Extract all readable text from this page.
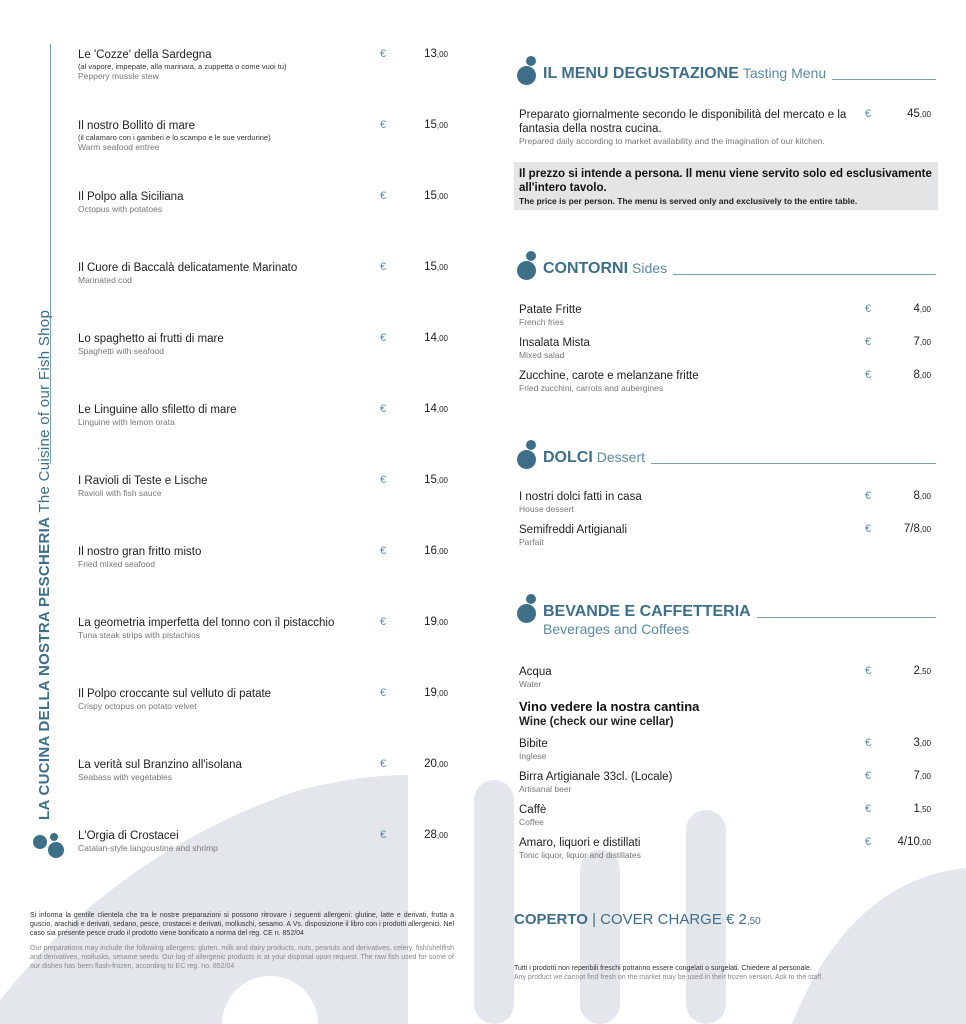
LA CUCINA DELLA NOSTRA PESCHERIA The Cuisine of our Fish Shop
Le 'Cozze' della Sardegna
(al vapore, impepate, alla marinara, a zuppetta o come vuoi tu)
Peppery mussle stew
€	13,00
Il nostro Bollito di mare
(il calamaro con i gamberi e lo scampo e le sue verdurine)
Warm seafood entree
€	15,00
Il Polpo alla Siciliana
Octopus with potatoes
€	15,00
Il Cuore di Baccalà delicatamente Marinato
Marinated cod
€	15,00
Lo spaghetto ai frutti di mare
Spaghetti with seafood
€	14,00
Le Linguine allo sfiletto di mare
Linguine with lemon orata
€	14,00
I Ravioli di Teste e Lische
Ravioli with fish sauce
€	15,00
Il nostro gran fritto misto
Fried mixed seafood
€	16,00
La geometria imperfetta del tonno con il pistacchio
Tuna steak strips with pistachios
€	19,00
Il Polpo croccante sul velluto di patate
Crispy octopus on potato velvet
€	19,00
La verità sul Branzino all'isolana
Seabass with vegetables
€	20,00
L'Orgia di Crostacei
Catalan-style langoustine and shrimp
€	28,00
IL MENU DEGUSTAZIONE Tasting Menu
Preparato giornalmente secondo le disponibilità del mercato e la fantasia della nostra cucina.
Prepared daily according to market availability and the imagination of our kitchen.
€	45,00
Il prezzo si intende a persona. Il menu viene servito solo ed esclusivamente all'intero tavolo.
The price is per person. The menu is served only and exclusively to the entire table.
CONTORNI Sides
Patate Fritte
French fries
€	4,00
Insalata Mista
Mixed salad
€	7,00
Zucchine, carote e melanzane fritte
Fried zucchini, carrots and aubergines
€	8,00
DOLCI Dessert
I nostri dolci fatti in casa
House dessert
€	8,00
Semifreddi Artigianali
Parfait
€	7/8,00
BEVANDE E CAFFETTERIA
Beverages and Coffees
Acqua
Water
€	2,50
Vino vedere la nostra cantina
Wine (check our wine cellar)
Bibite
Inglese
€	3,00
Birra Artigianale 33cl. (Locale)
Artisanal beer
€	7,00
Caffè
Coffee
€	1,50
Amaro, liquori e distillati
Tonic liquor, liquor and distillates
€ 4/10,00
COPERTO | COVER CHARGE € 2,50
Tutti i prodotti non reperibili freschi potranno essere congelati o surgelati. Chiedere al personale.
Any product we cannot find fresh on the market may be used in their frozen version. Ask to the staff.

Si informa la gentile clientela che tra le nostre preparazioni si possono ritrovare i seguenti allergeni: glutine, latte e derivati, frutta a guscio, arachidi e derivati, sedano, pesce, crostacei e derivati, molluschi, sesamo. A Vs. disposizione il libro con i prodotti allergenici. Nel caso sia presente pesce crudo il prodotto viene bonificato a norma del reg. CE n. 852/04

Our preparations may include the following allergens: gluten, milk and dairy products, nuts, peanuts and derivatives, celery, fish/shellfish and derivatives, mollusks, sesame seeds. Our log of allergenic products is at your disposal upon request. The raw fish used for some of our dishes has been flash-frozen, according to EC reg. no. 852/04
